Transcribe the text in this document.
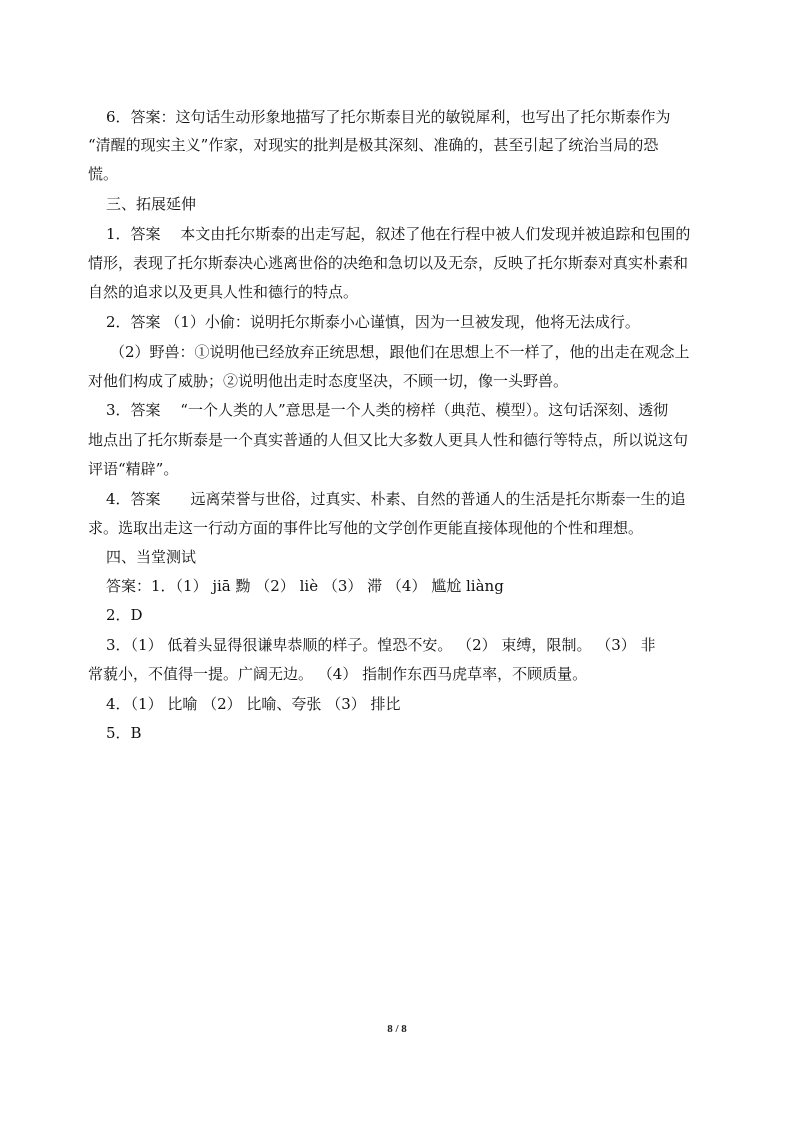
6．答案：这句话生动形象地描写了托尔斯泰目光的敏锐犀利，也写出了托尔斯泰作为
“清醒的现实主义”作家，对现实的批判是极其深刻、准确的，甚至引起了统治当局的恐
慌。
三、拓展延伸
1．答案　 本文由托尔斯泰的出走写起，叙述了他在行程中被人们发现并被追踪和包围的
情形，表现了托尔斯泰决心逃离世俗的决绝和急切以及无奈，反映了托尔斯泰对真实朴素和
自然的追求以及更具人性和德行的特点。
2．答案 （1）小偷：说明托尔斯泰小心谨慎，因为一旦被发现，他将无法成行。
（2）野兽：①说明他已经放弃正统思想，跟他们在思想上不一样了，他的出走在观念上
对他们构成了威胁；②说明他出走时态度坚决，不顾一切，像一头野兽。
3．答案　 “一个人类的人”意思是一个人类的榜样（典范、模型）。这句话深刻、透彻
地点出了托尔斯泰是一个真实普通的人但又比大多数人更具人性和德行等特点，所以说这句
评语“精辟”。
4．答案　　远离荣誉与世俗，过真实、朴素、自然的普通人的生活是托尔斯泰一生的追
求。选取出走这一行动方面的事件比写他的文学创作更能直接体现他的个性和理想。
四、当堂测试
答案：1．（1） jiā 黝 （2） liè （3） 滞 （4） 尴尬 liàng
2．D
3．（1） 低着头显得很谦卑恭顺的样子。惶恐不安。 （2） 束缚，限制。 （3） 非
常藐小，不值得一提。广阔无边。 （4） 指制作东西马虎草率，不顾质量。
4．（1） 比喻 （2） 比喻、夸张 （3） 排比
5．B
8 / 8
